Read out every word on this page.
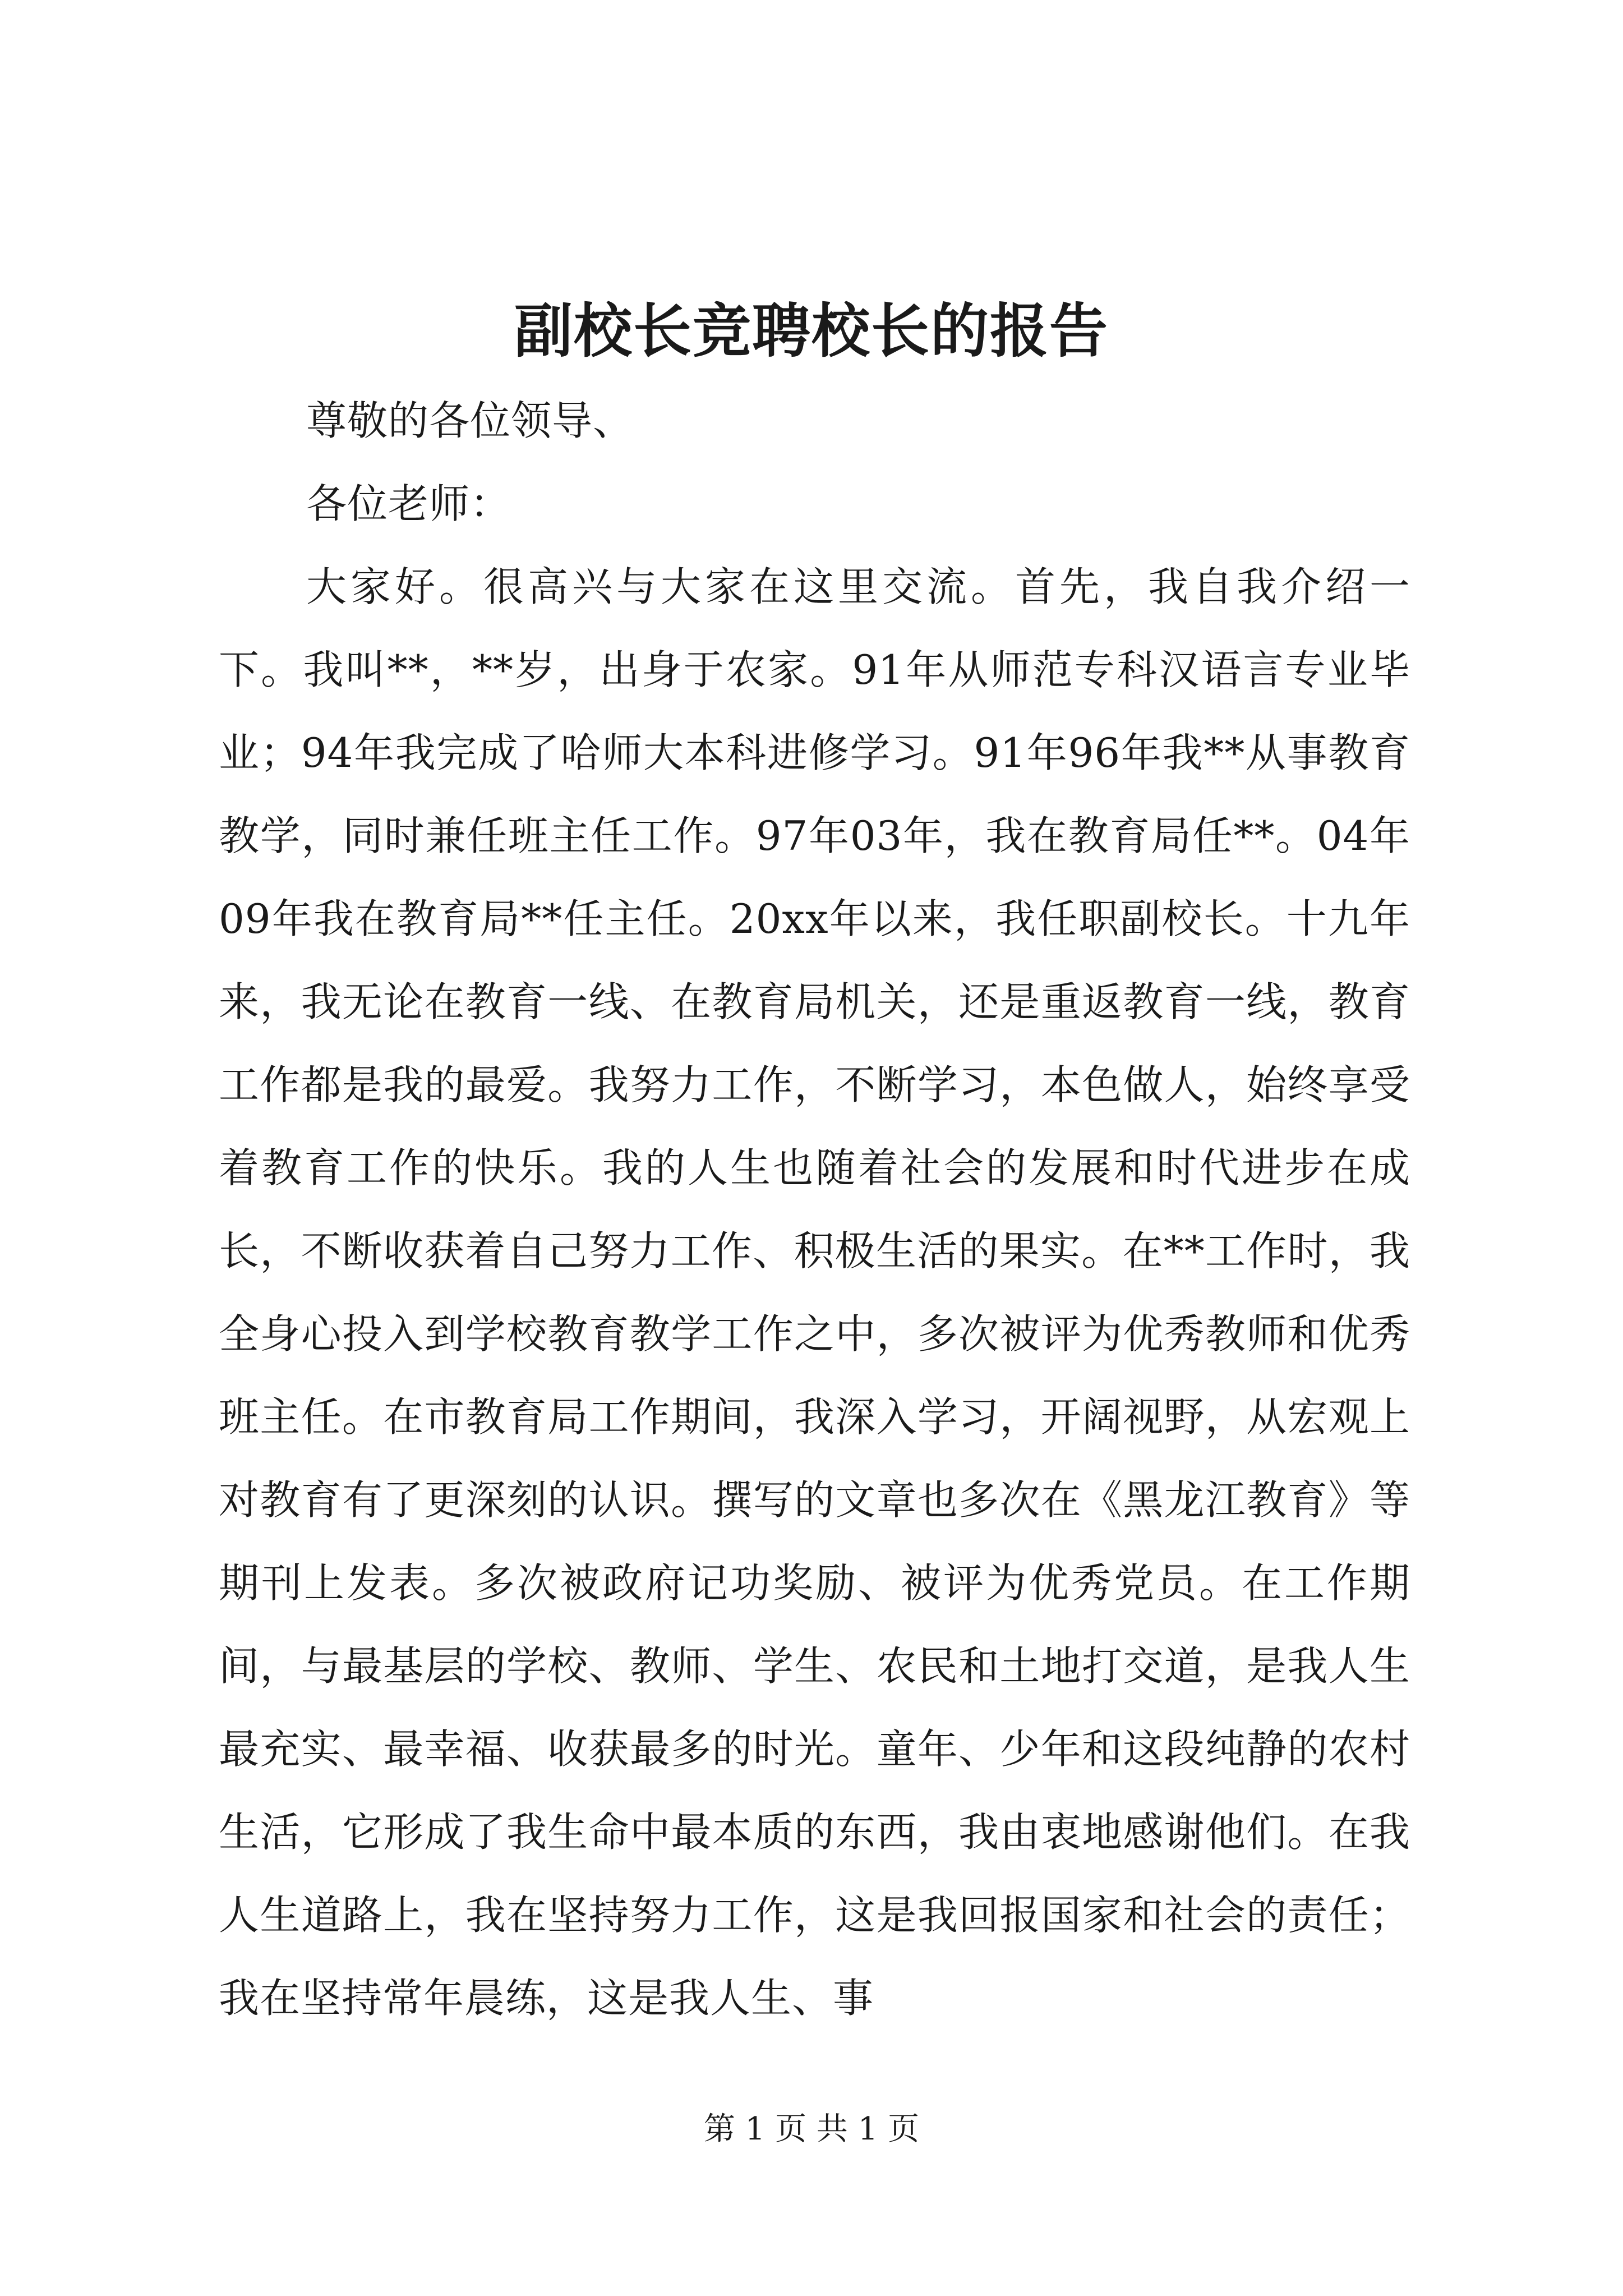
副校长竞聘校长的报告

尊敬的各位领导、

各位老师：

大家好。很高兴与大家在这里交流。首先，我自我介绍一下。我叫**，**岁，出身于农家。91年从师范专科汉语言专业毕业；94年我完成了哈师大本科进修学习。91年96年我**从事教育教学，同时兼任班主任工作。97年03年，我在教育局任**。04年09年我在教育局**任主任。20xx年以来，我任职副校长。十九年来，我无论在教育一线、在教育局机关，还是重返教育一线，教育工作都是我的最爱。我努力工作，不断学习，本色做人，始终享受着教育工作的快乐。我的人生也随着社会的发展和时代进步在成长，不断收获着自己努力工作、积极生活的果实。在**工作时，我全身心投入到学校教育教学工作之中，多次被评为优秀教师和优秀班主任。在市教育局工作期间，我深入学习，开阔视野，从宏观上对教育有了更深刻的认识。撰写的文章也多次在《黑龙江教育》等期刊上发表。多次被政府记功奖励、被评为优秀党员。在工作期间，与最基层的学校、教师、学生、农民和土地打交道，是我人生最充实、最幸福、收获最多的时光。童年、少年和这段纯静的农村生活，它形成了我生命中最本质的东西，我由衷地感谢他们。在我人生道路上，我在坚持努力工作，这是我回报国家和社会的责任；我在坚持常年晨练，这是我人生、事

第 1 页 共 1 页
